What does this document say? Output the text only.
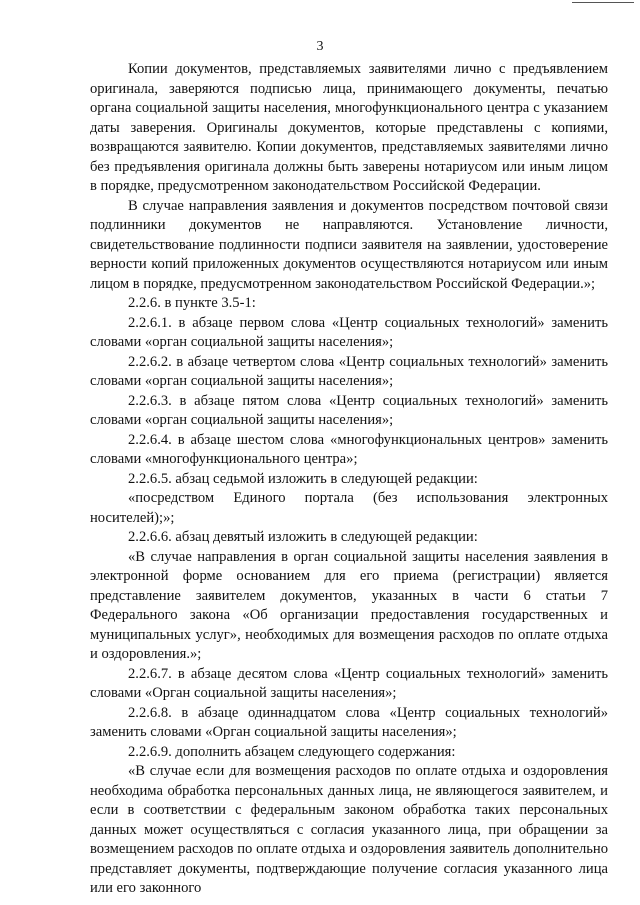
3

Копии документов, представляемых заявителями лично с предъявлением оригинала, заверяются подписью лица, принимающего документы, печатью органа социальной защиты населения, многофункционального центра с указанием даты заверения. Оригиналы документов, которые представлены с копиями, возвращаются заявителю. Копии документов, представляемых заявителями лично без предъявления оригинала должны быть заверены нотариусом или иным лицом в порядке, предусмотренном законодательством Российской Федерации.

В случае направления заявления и документов посредством почтовой связи подлинники документов не направляются. Установление личности, свидетельствование подлинности подписи заявителя на заявлении, удостоверение верности копий приложенных документов осуществляются нотариусом или иным лицом в порядке, предусмотренном законодательством Российской Федерации.»;

2.2.6. в пункте 3.5-1:

2.2.6.1. в абзаце первом слова «Центр социальных технологий» заменить словами «орган социальной защиты населения»;

2.2.6.2. в абзаце четвертом слова «Центр социальных технологий» заменить словами «орган социальной защиты населения»;

2.2.6.3. в абзаце пятом слова «Центр социальных технологий» заменить словами «орган социальной защиты населения»;

2.2.6.4. в абзаце шестом слова «многофункциональных центров» заменить словами «многофункционального центра»;

2.2.6.5. абзац седьмой изложить в следующей редакции:

«посредством Единого портала (без использования электронных носителей);»;

2.2.6.6. абзац девятый изложить в следующей редакции:

«В случае направления в орган социальной защиты населения заявления в электронной форме основанием для его приема (регистрации) является представление заявителем документов, указанных в части 6 статьи 7 Федерального закона «Об организации предоставления государственных и муниципальных услуг», необходимых для возмещения расходов по оплате отдыха и оздоровления.»;

2.2.6.7. в абзаце десятом слова «Центр социальных технологий» заменить словами «Орган социальной защиты населения»;

2.2.6.8. в абзаце одиннадцатом слова «Центр социальных технологий» заменить словами «Орган социальной защиты населения»;

2.2.6.9. дополнить абзацем следующего содержания:

«В случае если для возмещения расходов по оплате отдыха и оздоровления необходима обработка персональных данных лица, не являющегося заявителем, и если в соответствии с федеральным законом обработка таких персональных данных может осуществляться с согласия указанного лица, при обращении за возмещением расходов по оплате отдыха и оздоровления заявитель дополнительно представляет документы, подтверждающие получение согласия указанного лица или его законного
